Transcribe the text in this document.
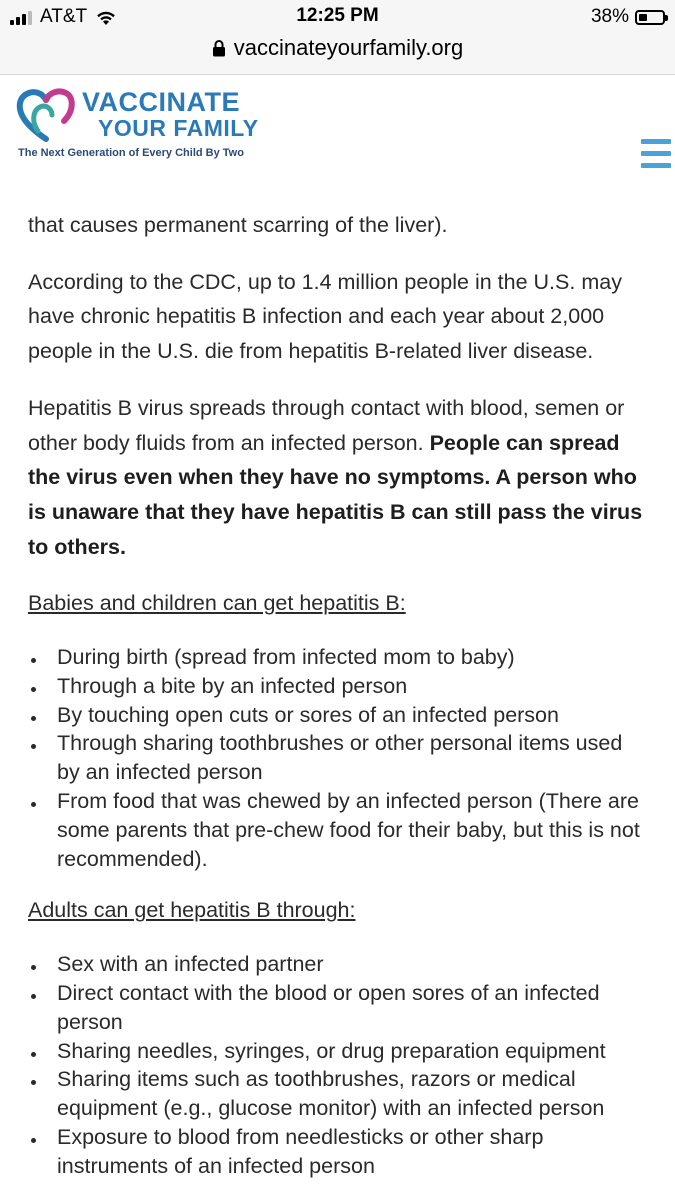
AT&T	12:25 PM	38%
vaccinateyourfamily.org
VACCINATE
YOUR FAMILY
The Next Generation of Every Child By Two

that causes permanent scarring of the liver).

According to the CDC, up to 1.4 million people in the U.S. may have chronic hepatitis B infection and each year about 2,000 people in the U.S. die from hepatitis B-related liver disease.

Hepatitis B virus spreads through contact with blood, semen or other body fluids from an infected person. People can spread the virus even when they have no symptoms. A person who is unaware that they have hepatitis B can still pass the virus to others.

Babies and children can get hepatitis B:

During birth (spread from infected mom to baby)
Through a bite by an infected person
By touching open cuts or sores of an infected person
Through sharing toothbrushes or other personal items used by an infected person
From food that was chewed by an infected person (There are some parents that pre-chew food for their baby, but this is not recommended).

Adults can get hepatitis B through:

Sex with an infected partner
Direct contact with the blood or open sores of an infected person
Sharing needles, syringes, or drug preparation equipment
Sharing items such as toothbrushes, razors or medical equipment (e.g., glucose monitor) with an infected person
Exposure to blood from needlesticks or other sharp instruments of an infected person
